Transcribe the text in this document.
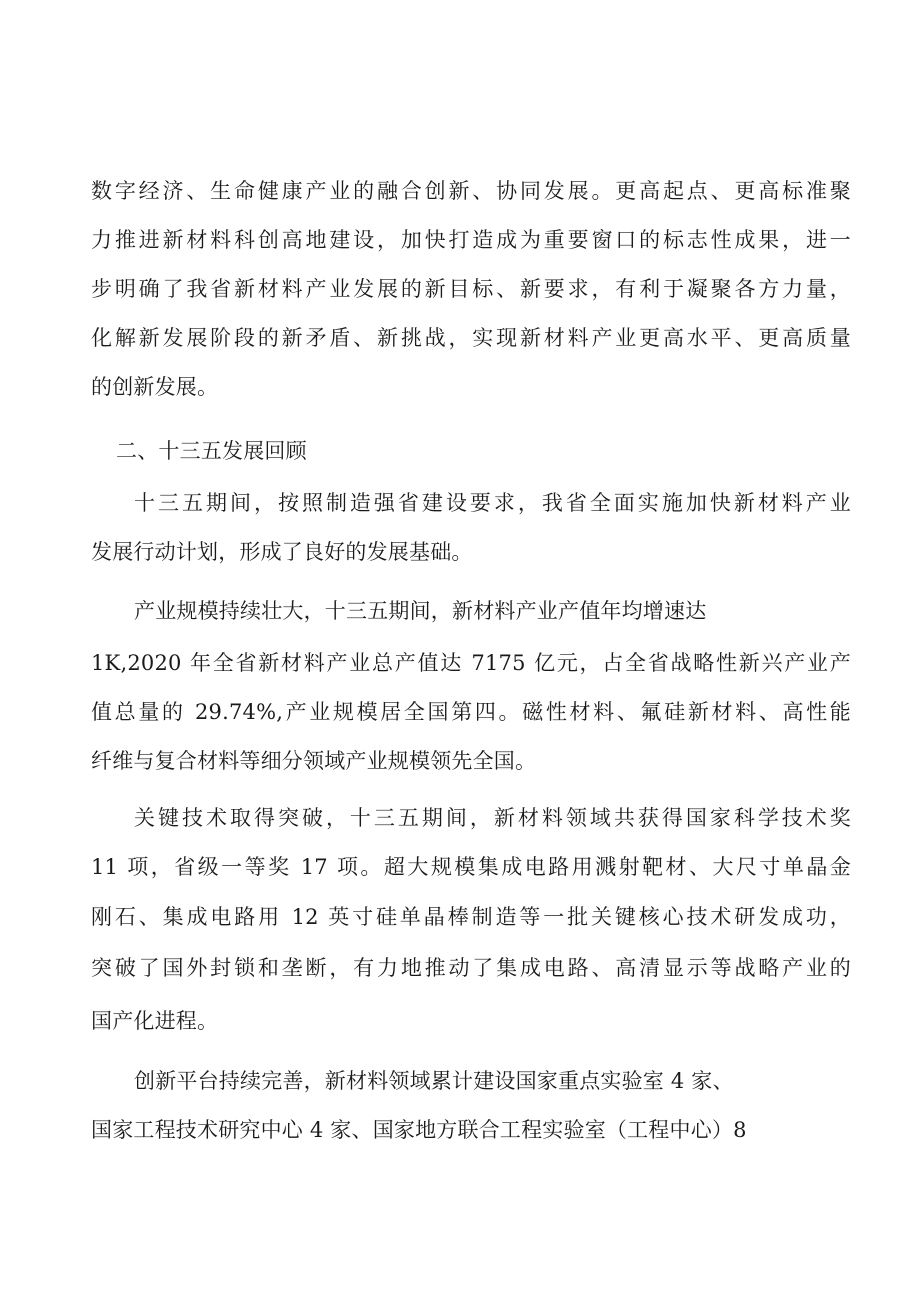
数字经济、生命健康产业的融合创新、协同发展。更高起点、更高标准聚
力推进新材料科创高地建设，加快打造成为重要窗口的标志性成果，进一
步明确了我省新材料产业发展的新目标、新要求，有利于凝聚各方力量，
化解新发展阶段的新矛盾、新挑战，实现新材料产业更高水平、更高质量
的创新发展。
二、十三五发展回顾
十三五期间，按照制造强省建设要求，我省全面实施加快新材料产业
发展行动计划，形成了良好的发展基础。
产业规模持续壮大，十三五期间，新材料产业产值年均增速达
1K,2020 年全省新材料产业总产值达 7175 亿元，占全省战略性新兴产业产
值总量的 29.74%,产业规模居全国第四。磁性材料、氟硅新材料、高性能
纤维与复合材料等细分领域产业规模领先全国。
关键技术取得突破，十三五期间，新材料领域共获得国家科学技术奖
11 项，省级一等奖 17 项。超大规模集成电路用溅射靶材、大尺寸单晶金
刚石、集成电路用 12 英寸硅单晶棒制造等一批关键核心技术研发成功，
突破了国外封锁和垄断，有力地推动了集成电路、高清显示等战略产业的
国产化进程。
创新平台持续完善，新材料领域累计建设国家重点实验室 4 家、
国家工程技术研究中心 4 家、国家地方联合工程实验室（工程中心）8
